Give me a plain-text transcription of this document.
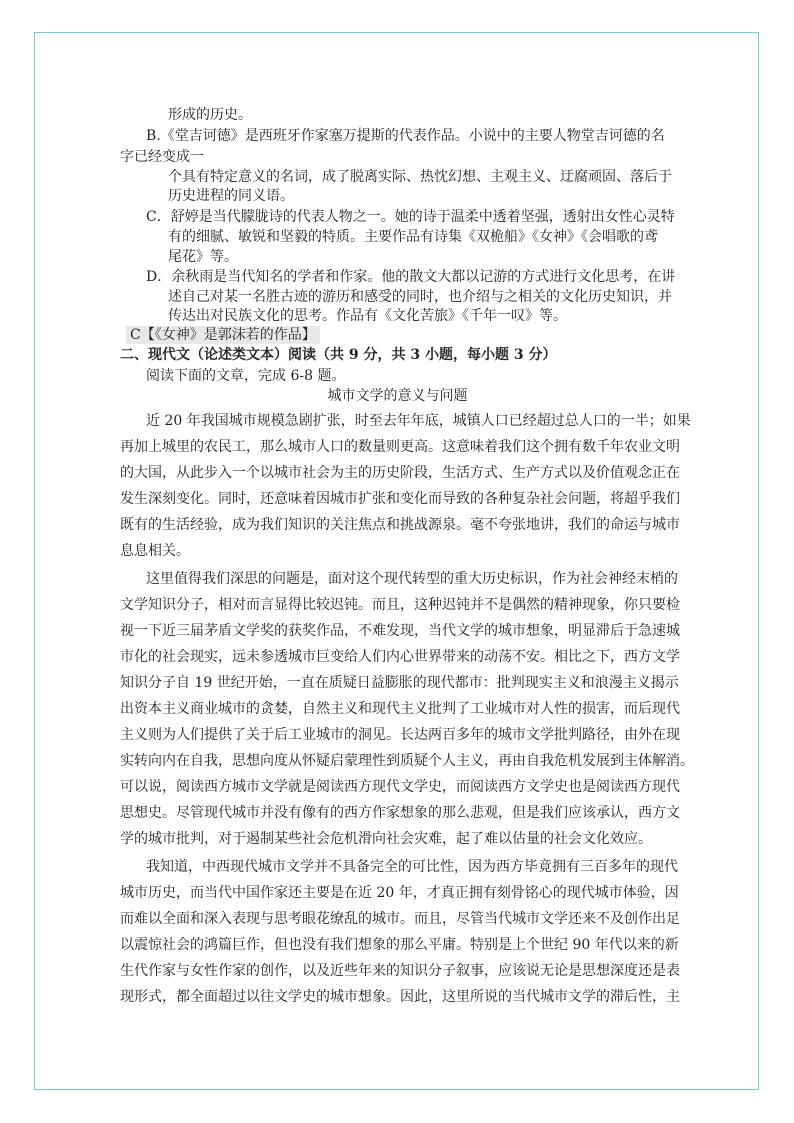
形成的历史。
B.《堂吉诃德》是西班牙作家塞万提斯的代表作品。小说中的主要人物堂吉诃德的名
字已经变成一
个具有特定意义的名词，成了脱离实际、热忱幻想、主观主义、迂腐顽固、落后于
历史进程的同义语。
C．舒婷是当代朦胧诗的代表人物之一。她的诗于温柔中透着坚强，透射出女性心灵特
有的细腻、敏锐和坚毅的特质。主要作品有诗集《双桅船》《女神》《会唱歌的鸢
尾花》等。
D．余秋雨是当代知名的学者和作家。他的散文大都以记游的方式进行文化思考，在讲
述自己对某一名胜古迹的游历和感受的同时，也介绍与之相关的文化历史知识，并
传达出对民族文化的思考。作品有《文化苦旅》《千年一叹》等。
C【《女神》是郭沫若的作品】
二、现代文（论述类文本）阅读（共 9 分，共 3 小题，每小题 3 分）
阅读下面的文章，完成 6-8 题。
城市文学的意义与问题
近 20 年我国城市规模急剧扩张，时至去年年底，城镇人口已经超过总人口的一半；如果
再加上城里的农民工，那么城市人口的数量则更高。这意味着我们这个拥有数千年农业文明
的大国，从此步入一个以城市社会为主的历史阶段，生活方式、生产方式以及价值观念正在
发生深刻变化。同时，还意味着因城市扩张和变化而导致的各种复杂社会问题，将超乎我们
既有的生活经验，成为我们知识的关注焦点和挑战源泉。毫不夸张地讲，我们的命运与城市
息息相关。
这里值得我们深思的问题是，面对这个现代转型的重大历史标识，作为社会神经末梢的
文学知识分子，相对而言显得比较迟钝。而且，这种迟钝并不是偶然的精神现象，你只要检
视一下近三届茅盾文学奖的获奖作品，不难发现，当代文学的城市想象，明显滞后于急速城
市化的社会现实，远未参透城市巨变给人们内心世界带来的动荡不安。相比之下，西方文学
知识分子自 19 世纪开始，一直在质疑日益膨胀的现代都市：批判现实主义和浪漫主义揭示
出资本主义商业城市的贪婪，自然主义和现代主义批判了工业城市对人性的损害，而后现代
主义则为人们提供了关于后工业城市的洞见。长达两百多年的城市文学批判路径，由外在现
实转向内在自我，思想向度从怀疑启蒙理性到质疑个人主义，再由自我危机发展到主体解消。
可以说，阅读西方城市文学就是阅读西方现代文学史，而阅读西方文学史也是阅读西方现代
思想史。尽管现代城市并没有像有的西方作家想象的那么悲观，但是我们应该承认，西方文
学的城市批判，对于遏制某些社会危机滑向社会灾难，起了难以估量的社会文化效应。
我知道，中西现代城市文学并不具备完全的可比性，因为西方毕竟拥有三百多年的现代
城市历史，而当代中国作家还主要是在近 20 年，才真正拥有刻骨铭心的现代城市体验，因
而难以全面和深入表现与思考眼花缭乱的城市。而且，尽管当代城市文学还来不及创作出足
以震惊社会的鸿篇巨作，但也没有我们想象的那么平庸。特别是上个世纪 90 年代以来的新
生代作家与女性作家的创作，以及近些年来的知识分子叙事，应该说无论是思想深度还是表
现形式，都全面超过以往文学史的城市想象。因此，这里所说的当代城市文学的滞后性，主
